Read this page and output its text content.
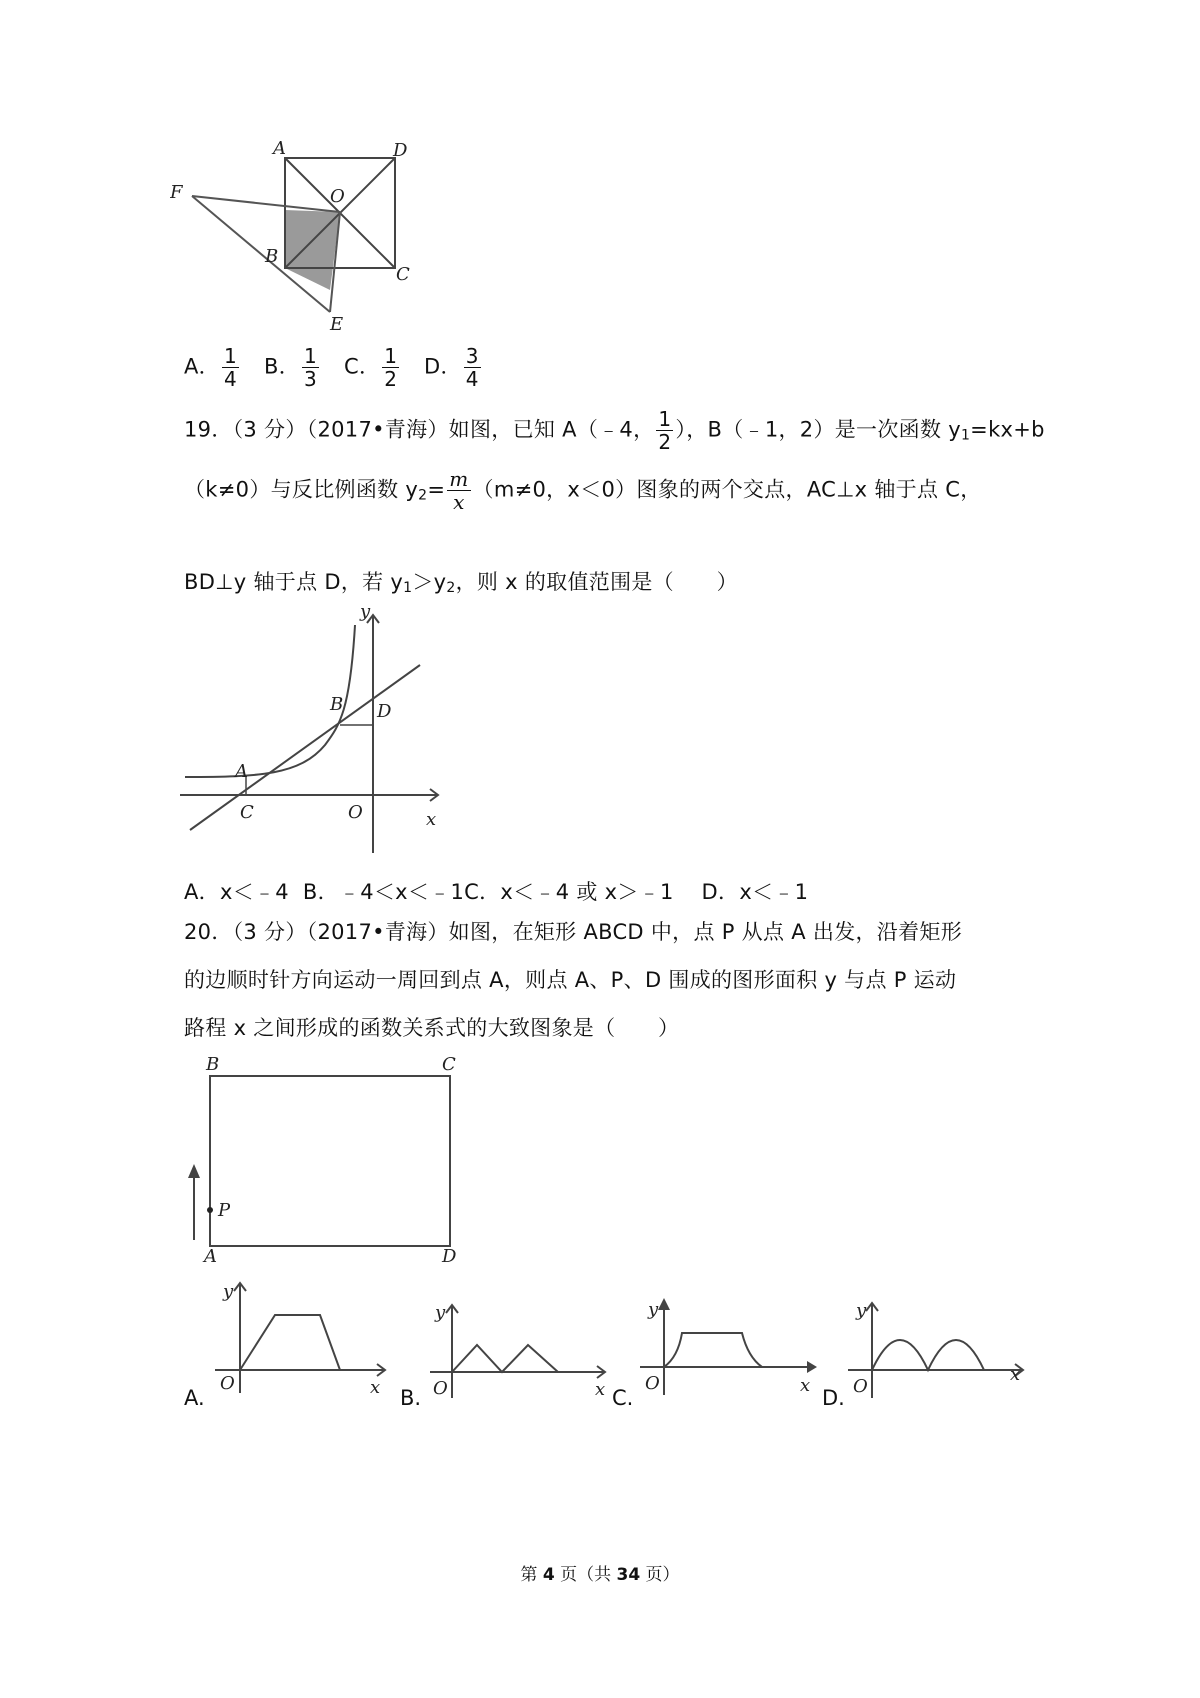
A	D
F	O
B
C
E
A． $\frac{1}{4}$ B． $\frac{1}{3}$ C． $\frac{1}{2}$ D． $\frac{3}{4}$
19．（3 分）（2017•青海）如图，已知 A（﹣4， $\frac{1}{2}$ ），B（﹣1，2）是一次函数 $y_1=kx+b$
（k≠0）与反比例函数 $y_2= \frac{m}{x} (m\ne 0$，x＜0）图象的两个交点，AC⊥x 轴于点 C，
BD⊥y 轴于点 D，若 $y_1>y_2$，则 x 的取值范围是（　　）
y
x
B D
A
C	O
A．x＜﹣4  B．﹣4＜x＜﹣1C．x＜﹣4 或 x＞﹣1    D．x＜﹣1
20．（3 分）（2017•青海）如图，在矩形 ABCD 中，点 P 从点 A 出发，沿着矩形
的边顺时针方向运动一周回到点 A，则点 A、P、D 围成的图形面积 y 与点 P 运动
路程 x 之间形成的函数关系式的大致图象是（　　）
B	C
P
A	D
A.
y
O	x B.
y
O	x C.
y
O	x
D.
y
O
x
第 4 页（共 34 页）
